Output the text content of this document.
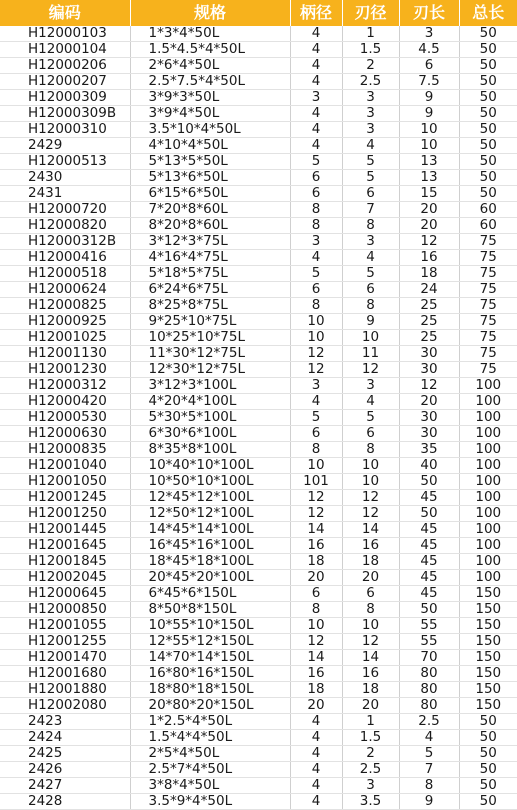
编码	规格	柄径	刃径	刃长	总长
H12000103	1*3*4*50L	4	1	3	50
H12000104	1.5*4.5*4*50L	4	1.5	4.5	50
H12000206	2*6*4*50L	4	2	6	50
H12000207	2.5*7.5*4*50L	4	2.5	7.5	50
H12000309	3*9*3*50L	3	3	9	50
H12000309B	3*9*4*50L	4	3	9	50
H12000310	3.5*10*4*50L	4	3	10	50
2429	4*10*4*50L	4	4	10	50
H12000513	5*13*5*50L	5	5	13	50
2430	5*13*6*50L	6	5	13	50
2431	6*15*6*50L	6	6	15	50
H12000720	7*20*8*60L	8	7	20	60
H12000820	8*20*8*60L	8	8	20	60
H12000312B	3*12*3*75L	3	3	12	75
H12000416	4*16*4*75L	4	4	16	75
H12000518	5*18*5*75L	5	5	18	75
H12000624	6*24*6*75L	6	6	24	75
H12000825	8*25*8*75L	8	8	25	75
H12000925	9*25*10*75L	10	9	25	75
H12001025	10*25*10*75L	10	10	25	75
H12001130	11*30*12*75L	12	11	30	75
H12001230	12*30*12*75L	12	12	30	75
H12000312	3*12*3*100L	3	3	12	100
H12000420	4*20*4*100L	4	4	20	100
H12000530	5*30*5*100L	5	5	30	100
H12000630	6*30*6*100L	6	6	30	100
H12000835	8*35*8*100L	8	8	35	100
H12001040	10*40*10*100L	10	10	40	100
H12001050	10*50*10*100L	101	10	50	100
H12001245	12*45*12*100L	12	12	45	100
H12001250	12*50*12*100L	12	12	50	100
H12001445	14*45*14*100L	14	14	45	100
H12001645	16*45*16*100L	16	16	45	100
H12001845	18*45*18*100L	18	18	45	100
H12002045	20*45*20*100L	20	20	45	100
H12000645	6*45*6*150L	6	6	45	150
H12000850	8*50*8*150L	8	8	50	150
H12001055	10*55*10*150L	10	10	55	150
H12001255	12*55*12*150L	12	12	55	150
H12001470	14*70*14*150L	14	14	70	150
H12001680	16*80*16*150L	16	16	80	150
H12001880	18*80*18*150L	18	18	80	150
H12002080	20*80*20*150L	20	20	80	150
2423	1*2.5*4*50L	4	1	2.5	50
2424	1.5*4*4*50L	4	1.5	4	50
2425	2*5*4*50L	4	2	5	50
2426	2.5*7*4*50L	4	2.5	7	50
2427	3*8*4*50L	4	3	8	50
2428	3.5*9*4*50L	4	3.5	9	50
